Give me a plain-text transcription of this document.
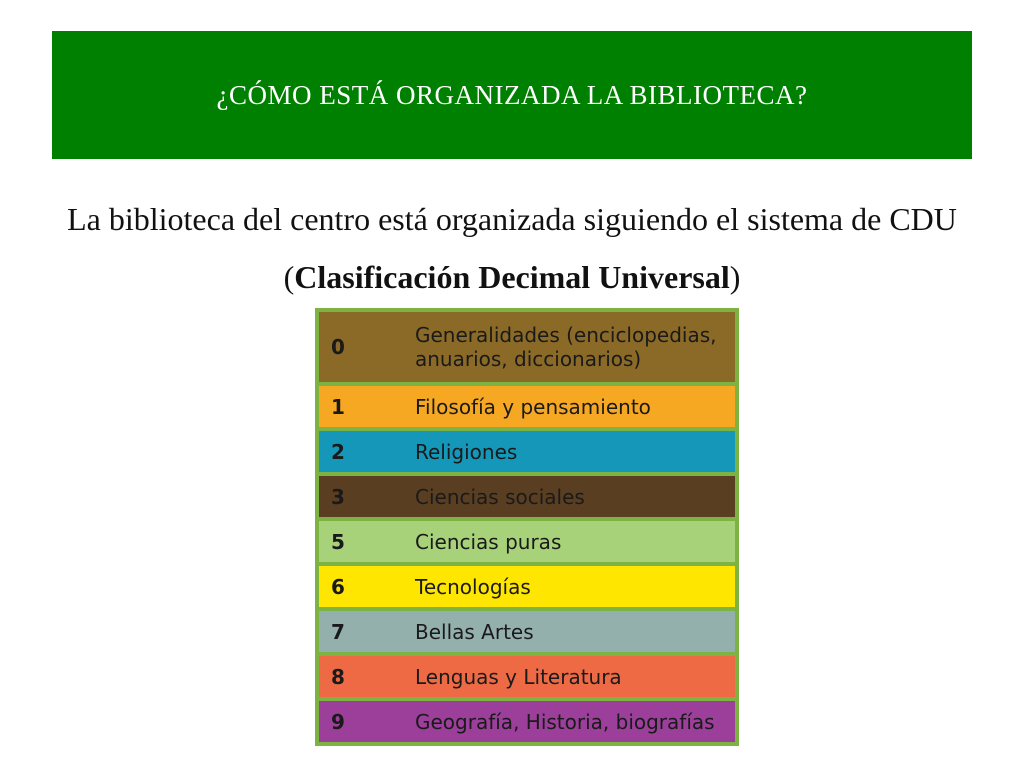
¿CÓMO ESTÁ ORGANIZADA LA BIBLIOTECA?
La biblioteca del centro está organizada siguiendo el sistema de CDU (Clasificación Decimal Universal)
0	Generalidades (enciclopedias, anuarios, diccionarios)
1	Filosofía y pensamiento
2	Religiones
3	Ciencias sociales
5	Ciencias puras
6	Tecnologías
7	Bellas Artes
8	Lenguas y Literatura
9	Geografía, Historia, biografías
